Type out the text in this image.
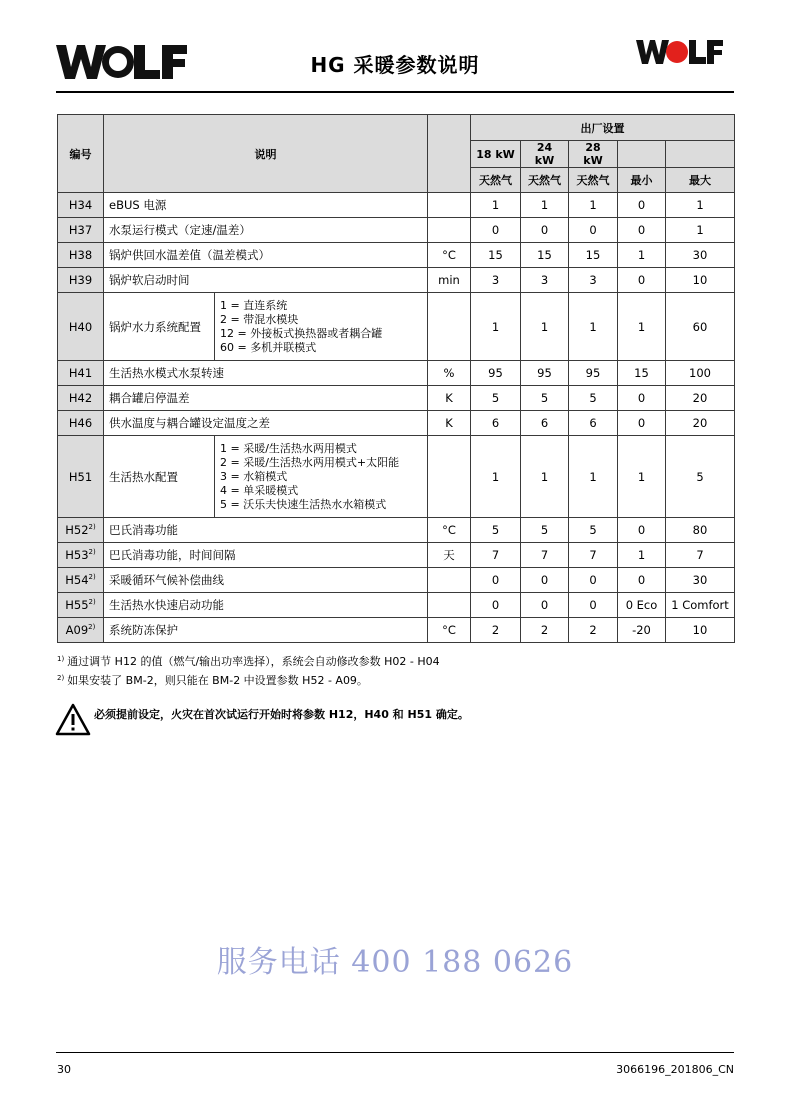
HG 采暖参数说明
编号	说明			出厂设置				
				18 kW	24 kW	28 kW		
				天然气	天然气	天然气	最小	最大
H34	eBUS 电源			1	1	1	0	1
H37	水泵运行模式（定速/温差）			0	0	0	0	1
H38	锅炉供回水温差值（温差模式）		°C	15	15	15	1	30
H39	锅炉软启动时间		min	3	3	3	0	10
H40	锅炉水力系统配置	1 = 直连系统
2 = 带混水模块
12 = 外接板式换热器或者耦合罐
60 = 多机并联模式		1	1	1	1	60
H41	生活热水模式水泵转速		%	95	95	95	15	100
H42	耦合罐启停温差		K	5	5	5	0	20
H46	供水温度与耦合罐设定温度之差		K	6	6	6	0	20
H51	生活热水配置	1 = 采暖/生活热水两用模式
2 = 采暖/生活热水两用模式+太阳能
3 = 水箱模式
4 = 单采暖模式
5 = 沃乐夫快速生活热水水箱模式		1	1	1	1	5
H52$^{2)}$	巴氏消毒功能		°C	5	5	5	0	80
H53$^{2)}$	巴氏消毒功能，时间间隔		天	7	7	7	1	7
H54$^{2)}$	采暖循环气候补偿曲线			0	0	0	0	30
H55$^{2)}$	生活热水快速启动功能			0	0	0	0 Eco	1 Comfort
A09$^{2)}$	系统防冻保护		°C	2	2	2	-20	10
$^{1)}$ 通过调节 H12 的值（燃气/输出功率选择），系统会自动修改参数 H02 - H04
$^{2)}$ 如果安装了 BM-2，则只能在 BM-2 中设置参数 H52 - A09。
必须提前设定，火灾在首次试运行开始时将参数 H12，H40 和 H51 确定。
服务电话 400 188 0626
30	3066196_201806_CN
